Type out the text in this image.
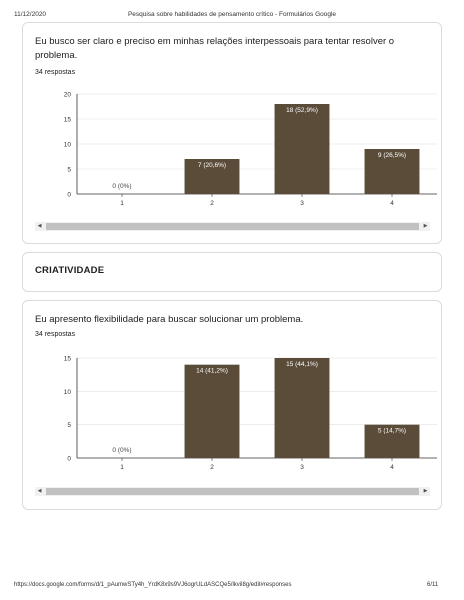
11/12/2020	Pesquisa sobre habilidades de pensamento crítico - Formulários Google
Eu busco ser claro e preciso em minhas relações interpessoais para tentar resolver o problema.
34 respostas
0
5
10
15
20
1
0 (0%)
2
7 (20,6%)
3
18 (52,9%)
4
9 (26,5%)
◀	▶
CRIATIVIDADE
Eu apresento flexibilidade para buscar solucionar um problema.
34 respostas
0
5
10
15
1
0 (0%)
2
14 (41,2%)
3
15 (44,1%)
4
5 (14,7%)
◀	▶
https://docs.google.com/forms/d/1_pAumwSTy4h_YrdK8x9s9VJ6ogrULdASCQe5/lkvil8g/edit#responses	6/11
